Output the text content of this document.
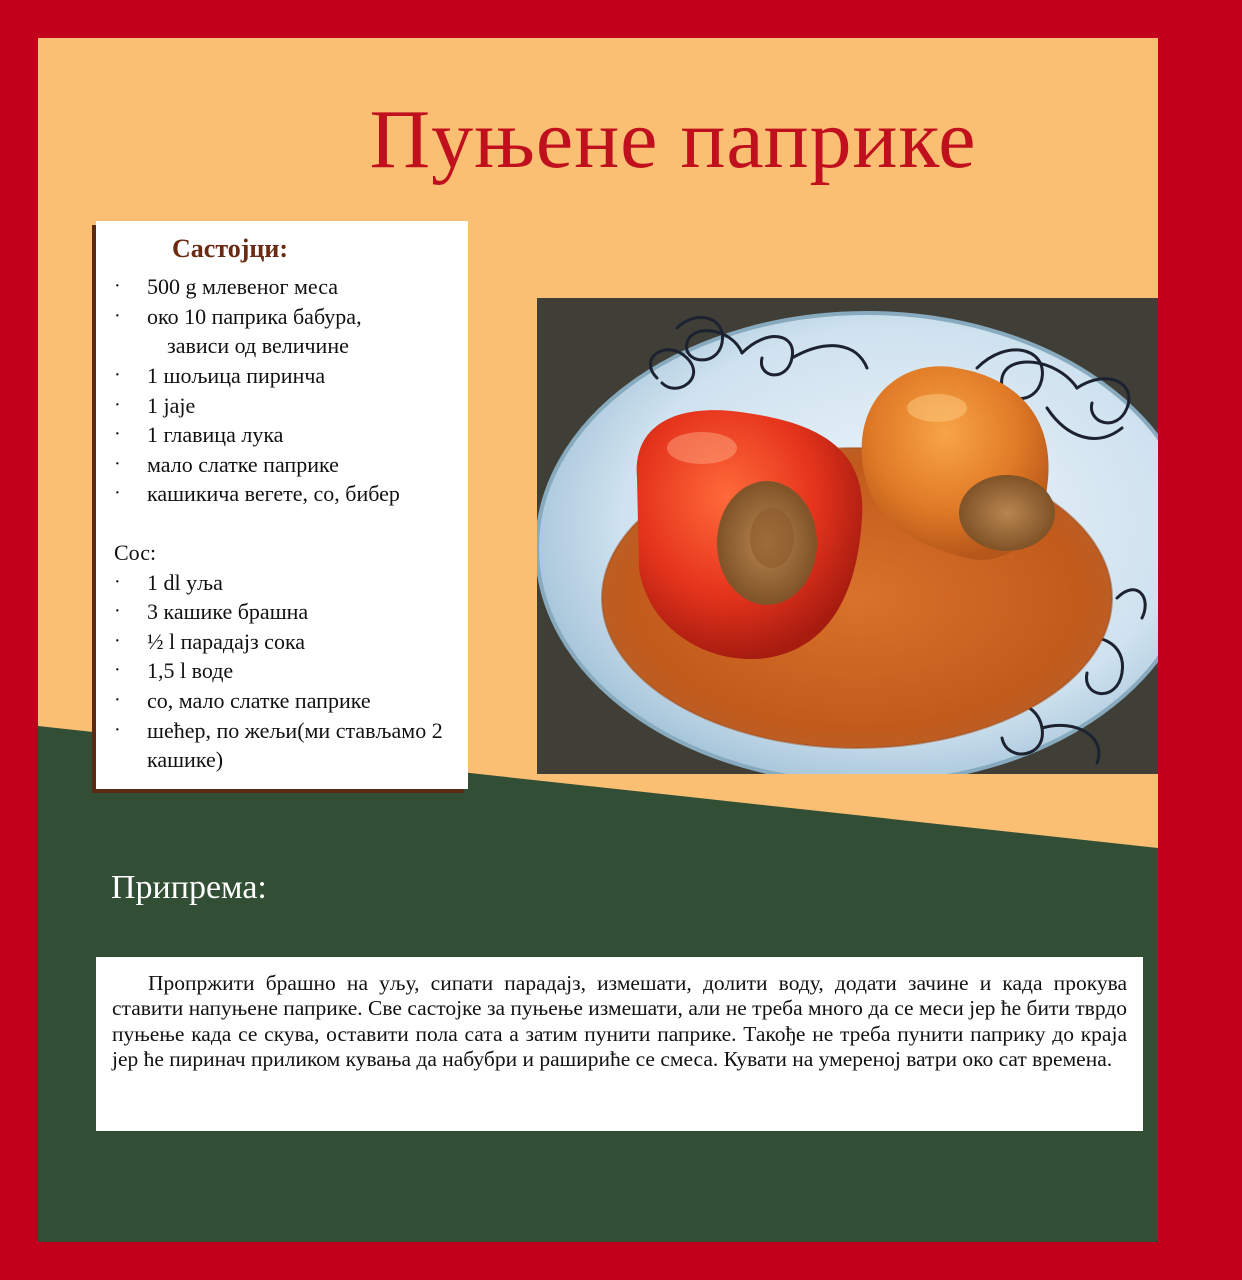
Пуњене паприке
Састојци:
· 500 g млевеног меса
· око 10 паприка бабура,
зависи од величине
· 1 шољица пиринча
· 1 јаје
· 1 главица лука
· мало слатке паприке
· кашикича вегете, со, бибер
Сос:
· 1 dl уља
· 3 кашике брашна
· ½ l парадајз сока
· 1,5 l воде
· со, мало слатке паприке
· шећер, по жељи(ми стављамо 2 кашике)
Припрема:

Пропржити брашно на уљу, сипати парадајз, измешати, долити воду, додати зачине и када прокува ставити напуњене паприке. Све састојке за пуњење измешати, али не треба много да се меси јер ће бити тврдо пуњење када се скува, оставити пола сата а затим пунити паприке. Такође не треба пунити паприку до краја јер ће пиринач приликом кувања да набубри и рашириће се смеса. Кувати на умереној ватри око сат времена.
